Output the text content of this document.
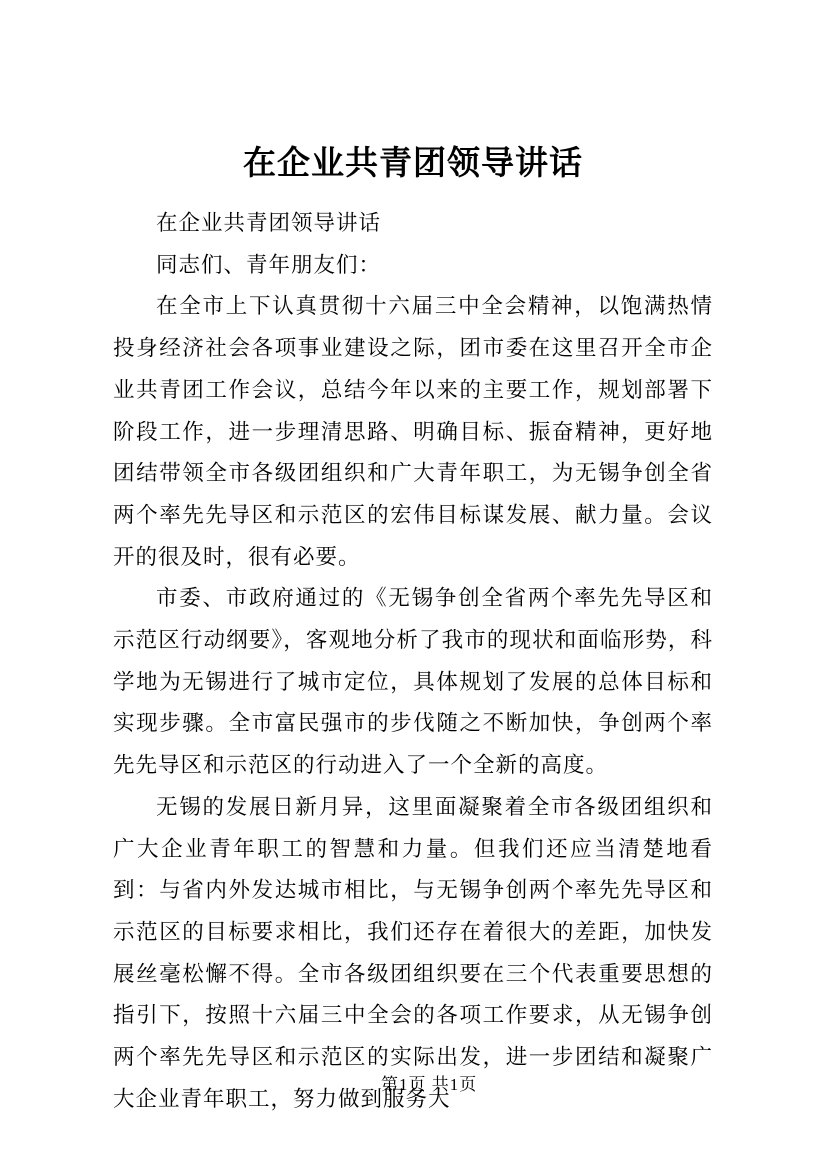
在企业共青团领导讲话

在企业共青团领导讲话

同志们、青年朋友们：

在全市上下认真贯彻十六届三中全会精神，以饱满热情投身经济社会各项事业建设之际，团市委在这里召开全市企业共青团工作会议，总结今年以来的主要工作，规划部署下阶段工作，进一步理清思路、明确目标、振奋精神，更好地团结带领全市各级团组织和广大青年职工，为无锡争创全省两个率先先导区和示范区的宏伟目标谋发展、献力量。会议开的很及时，很有必要。

市委、市政府通过的《无锡争创全省两个率先先导区和示范区行动纲要》，客观地分析了我市的现状和面临形势，科学地为无锡进行了城市定位，具体规划了发展的总体目标和实现步骤。全市富民强市的步伐随之不断加快，争创两个率先先导区和示范区的行动进入了一个全新的高度。

无锡的发展日新月异，这里面凝聚着全市各级团组织和广大企业青年职工的智慧和力量。但我们还应当清楚地看到：与省内外发达城市相比，与无锡争创两个率先先导区和示范区的目标要求相比，我们还存在着很大的差距，加快发展丝毫松懈不得。全市各级团组织要在三个代表重要思想的指引下，按照十六届三中全会的各项工作要求，从无锡争创两个率先先导区和示范区的实际出发，进一步团结和凝聚广大企业青年职工，努力做到服务大

第1页 共1页
